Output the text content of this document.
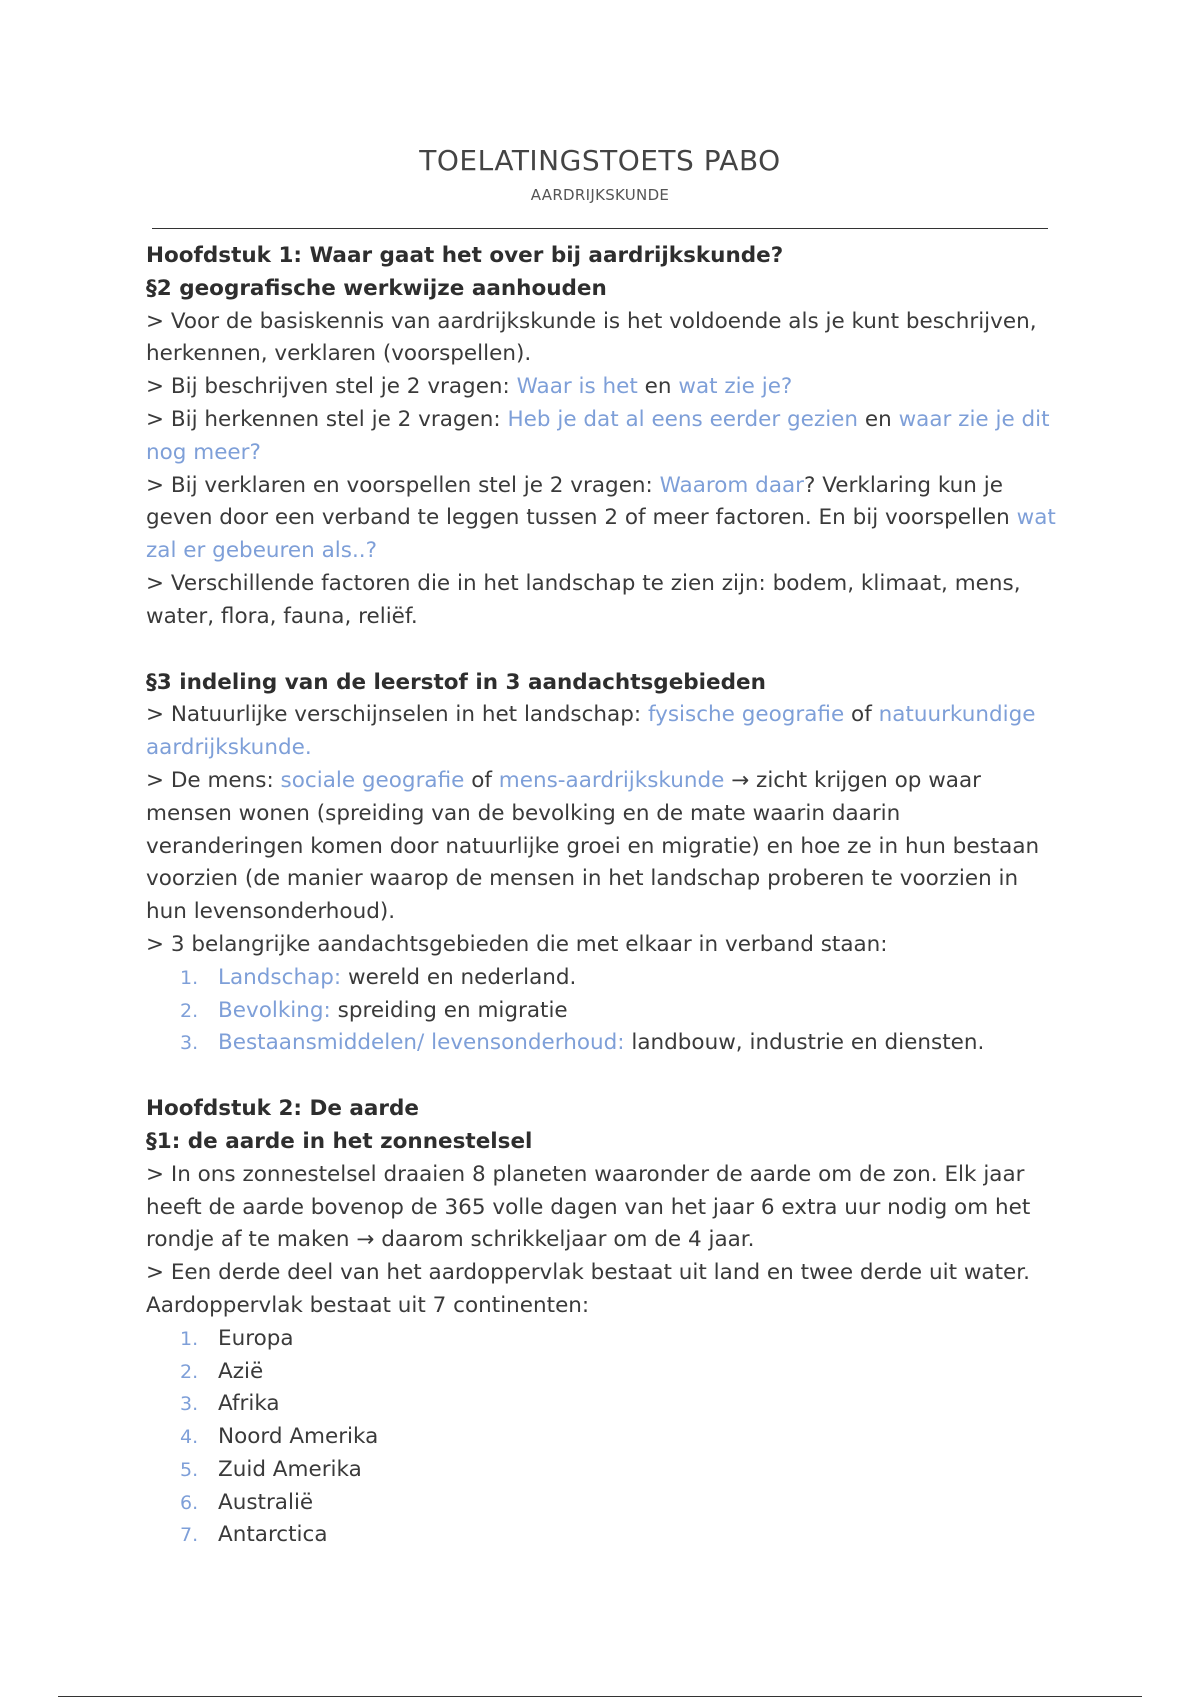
TOELATINGSTOETS PABO
AARDRIJKSKUNDE

Hoofdstuk 1: Waar gaat het over bij aardrijkskunde?

§2 geografische werkwijze aanhouden

> Voor de basiskennis van aardrijkskunde is het voldoende als je kunt beschrijven, herkennen, verklaren (voorspellen).

> Bij beschrijven stel je 2 vragen: Waar is het en wat zie je?

> Bij herkennen stel je 2 vragen: Heb je dat al eens eerder gezien en waar zie je dit nog meer?

> Bij verklaren en voorspellen stel je 2 vragen: Waarom daar? Verklaring kun je geven door een verband te leggen tussen 2 of meer factoren. En bij voorspellen wat zal er gebeuren als..?

> Verschillende factoren die in het landschap te zien zijn: bodem, klimaat, mens, water, flora, fauna, reliëf.

§3 indeling van de leerstof in 3 aandachtsgebieden

> Natuurlijke verschijnselen in het landschap: fysische geografie of natuurkundige aardrijkskunde.

> De mens: sociale geografie of mens-aardrijkskunde → zicht krijgen op waar mensen wonen (spreiding van de bevolking en de mate waarin daarin veranderingen komen door natuurlijke groei en migratie) en hoe ze in hun bestaan voorzien (de manier waarop de mensen in het landschap proberen te voorzien in hun levensonderhoud).

> 3 belangrijke aandachtsgebieden die met elkaar in verband staan:

1. Landschap: wereld en nederland.
2. Bevolking: spreiding en migratie
3. Bestaansmiddelen/ levensonderhoud: landbouw, industrie en diensten.

Hoofdstuk 2: De aarde

§1: de aarde in het zonnestelsel

> In ons zonnestelsel draaien 8 planeten waaronder de aarde om de zon. Elk jaar heeft de aarde bovenop de 365 volle dagen van het jaar 6 extra uur nodig om het rondje af te maken → daarom schrikkeljaar om de 4 jaar.

> Een derde deel van het aardoppervlak bestaat uit land en twee derde uit water. Aardoppervlak bestaat uit 7 continenten:

1. Europa
2. Azië
3. Afrika
4. Noord Amerika
5. Zuid Amerika
6. Australië
7. Antarctica
